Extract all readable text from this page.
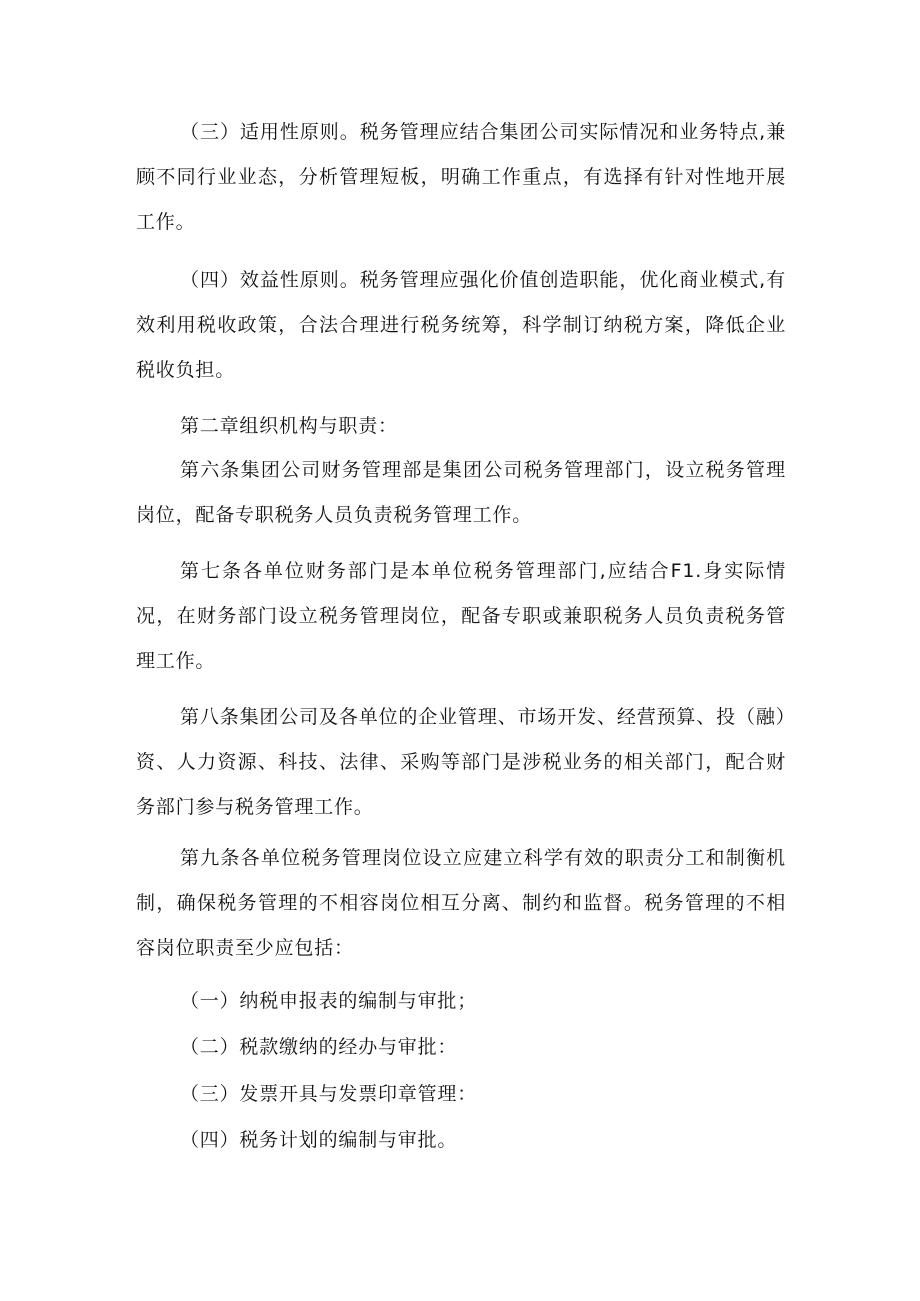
（三）适用性原则。税务管理应结合集团公司实际情况和业务特点,兼顾不同行业业态，分析管理短板，明确工作重点，有选择有针对性地开展工作。

（四）效益性原则。税务管理应强化价值创造职能，优化商业模式,有效利用税收政策，合法合理进行税务统筹，科学制订纳税方案，降低企业税收负担。

第二章组织机构与职责：

第六条集团公司财务管理部是集团公司税务管理部门，设立税务管理岗位，配备专职税务人员负责税务管理工作。

第七条各单位财务部门是本单位税务管理部门,应结合F1.身实际情况，在财务部门设立税务管理岗位，配备专职或兼职税务人员负责税务管理工作。

第八条集团公司及各单位的企业管理、市场开发、经营预算、投（融）资、人力资源、科技、法律、采购等部门是涉税业务的相关部门，配合财务部门参与税务管理工作。

第九条各单位税务管理岗位设立应建立科学有效的职责分工和制衡机制，确保税务管理的不相容岗位相互分离、制约和监督。税务管理的不相容岗位职责至少应包括：

（一）纳税申报表的编制与审批；

（二）税款缴纳的经办与审批：

（三）发票开具与发票印章管理：

（四）税务计划的编制与审批。
